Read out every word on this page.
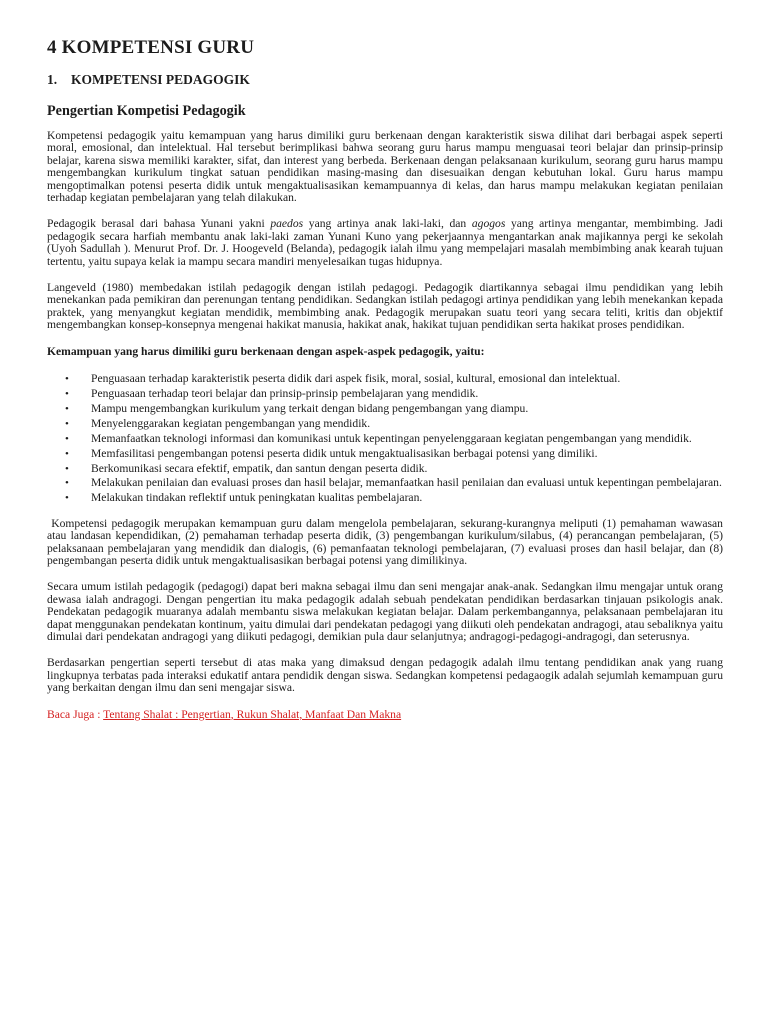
4 KOMPETENSI GURU
1. KOMPETENSI PEDAGOGIK
Pengertian Kompetisi Pedagogik

Kompetensi pedagogik yaitu kemampuan yang harus dimiliki guru berkenaan dengan karakteristik siswa dilihat dari berbagai aspek seperti moral, emosional, dan intelektual. Hal tersebut berimplikasi bahwa seorang guru harus mampu menguasai teori belajar dan prinsip-prinsip belajar, karena siswa memiliki karakter, sifat, dan interest yang berbeda. Berkenaan dengan pelaksanaan kurikulum, seorang guru harus mampu mengembangkan kurikulum tingkat satuan pendidikan masing-masing dan disesuaikan dengan kebutuhan lokal. Guru harus mampu mengoptimalkan potensi peserta didik untuk mengaktualisasikan kemampuannya di kelas, dan harus mampu melakukan kegiatan penilaian terhadap kegiatan pembelajaran yang telah dilakukan.

Pedagogik berasal dari bahasa Yunani yakni paedos yang artinya anak laki-laki, dan agogos yang artinya mengantar, membimbing. Jadi pedagogik secara harfiah membantu anak laki-laki zaman Yunani Kuno yang pekerjaannya mengantarkan anak majikannya pergi ke sekolah (Uyoh Sadullah ). Menurut Prof. Dr. J. Hoogeveld (Belanda), pedagogik ialah ilmu yang mempelajari masalah membimbing anak kearah tujuan tertentu, yaitu supaya kelak ia mampu secara mandiri menyelesaikan tugas hidupnya.

Langeveld (1980) membedakan istilah pedagogik dengan istilah pedagogi. Pedagogik diartikannya sebagai ilmu pendidikan yang lebih menekankan pada pemikiran dan perenungan tentang pendidikan. Sedangkan istilah pedagogi artinya pendidikan yang lebih menekankan kepada praktek, yang menyangkut kegiatan mendidik, membimbing anak. Pedagogik merupakan suatu teori yang secara teliti, kritis dan objektif mengembangkan konsep-konsepnya mengenai hakikat manusia, hakikat anak, hakikat tujuan pendidikan serta hakikat proses pendidikan.

Kemampuan yang harus dimiliki guru berkenaan dengan aspek-aspek pedagogik, yaitu:

• Penguasaan terhadap karakteristik peserta didik dari aspek fisik, moral, sosial, kultural, emosional dan intelektual.
• Penguasaan terhadap teori belajar dan prinsip-prinsip pembelajaran yang mendidik.
• Mampu mengembangkan kurikulum yang terkait dengan bidang pengembangan yang diampu.
• Menyelenggarakan kegiatan pengembangan yang mendidik.
• Memanfaatkan teknologi informasi dan komunikasi untuk kepentingan penyelenggaraan kegiatan pengembangan yang mendidik.
• Memfasilitasi pengembangan potensi peserta didik untuk mengaktualisasikan berbagai potensi yang dimiliki.
• Berkomunikasi secara efektif, empatik, dan santun dengan peserta didik.
• Melakukan penilaian dan evaluasi proses dan hasil belajar, memanfaatkan hasil penilaian dan evaluasi untuk kepentingan pembelajaran.
• Melakukan tindakan reflektif untuk peningkatan kualitas pembelajaran.

Kompetensi pedagogik merupakan kemampuan guru dalam mengelola pembelajaran, sekurang-kurangnya meliputi (1) pemahaman wawasan atau landasan kependidikan, (2) pemahaman terhadap peserta didik, (3) pengembangan kurikulum/silabus, (4) perancangan pembelajaran, (5) pelaksanaan pembelajaran yang mendidik dan dialogis, (6) pemanfaatan teknologi pembelajaran, (7) evaluasi proses dan hasil belajar, dan (8) pengembangan peserta didik untuk mengaktualisasikan berbagai potensi yang dimilikinya.

Secara umum istilah pedagogik (pedagogi) dapat beri makna sebagai ilmu dan seni mengajar anak-anak. Sedangkan ilmu mengajar untuk orang dewasa ialah andragogi. Dengan pengertian itu maka pedagogik adalah sebuah pendekatan pendidikan berdasarkan tinjauan psikologis anak. Pendekatan pedagogik muaranya adalah membantu siswa melakukan kegiatan belajar. Dalam perkembangannya, pelaksanaan pembelajaran itu dapat menggunakan pendekatan kontinum, yaitu dimulai dari pendekatan pedagogi yang diikuti oleh pendekatan andragogi, atau sebaliknya yaitu dimulai dari pendekatan andragogi yang diikuti pedagogi, demikian pula daur selanjutnya; andragogi-pedagogi-andragogi, dan seterusnya.

Berdasarkan pengertian seperti tersebut di atas maka yang dimaksud dengan pedagogik adalah ilmu tentang pendidikan anak yang ruang lingkupnya terbatas pada interaksi edukatif antara pendidik dengan siswa. Sedangkan kompetensi pedagaogik adalah sejumlah kemampuan guru yang berkaitan dengan ilmu dan seni mengajar siswa.

Baca Juga : Tentang Shalat : Pengertian, Rukun Shalat, Manfaat Dan Makna
